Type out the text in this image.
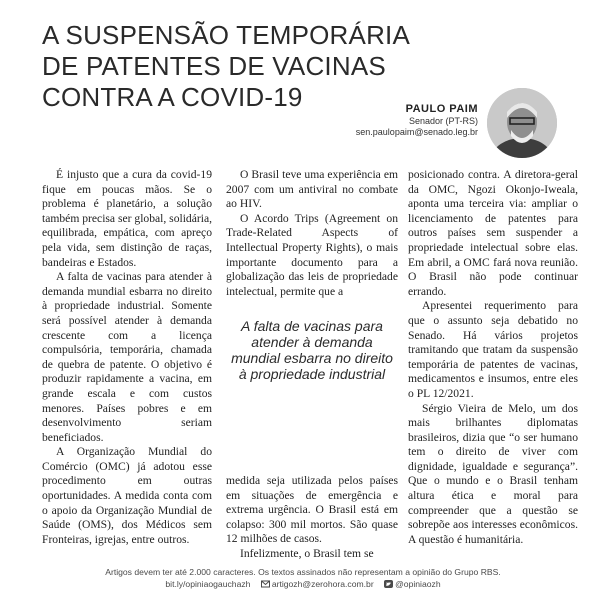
A SUSPENSÃO TEMPORÁRIA
DE PATENTES DE VACINAS
CONTRA A COVID-19	PAULO PAIM
Senador (PT-RS)
sen.paulopaim@senado.leg.br

É injusto que a cura da covid-19 fique em poucas mãos. Se o problema é planetário, a solução também precisa ser global, solidária, equilibrada, empática, com apreço pela vida, sem distinção de raças, bandeiras e Estados.

A falta de vacinas para atender à demanda mundial esbarra no direito à propriedade industrial. Somente será possível atender à demanda crescente com a licença compulsória, temporária, chamada de quebra de patente. O objetivo é produzir rapidamente a vacina, em grande escala e com custos menores. Países pobres e em desenvolvimento seriam beneficiados.

A Organização Mundial do Comércio (OMC) já adotou esse procedimento em outras oportunidades. A medida conta com o apoio da Organização Mundial de Saúde (OMS), dos Médicos sem Fronteiras, igrejas, entre outros.

O Brasil teve uma experiência em 2007 com um antiviral no combate ao HIV.

O Acordo Trips (Agreement on Trade-Related Aspects of Intellectual Property Rights), o mais importante documento para a globalização das leis de propriedade intelectual, permite que a

A falta de vacinas para atender à demanda mundial esbarra no direito à propriedade industrial

medida seja utilizada pelos países em situações de emergência e extrema urgência. O Brasil está em colapso: 300 mil mortos. São quase 12 milhões de casos.

Infelizmente, o Brasil tem se

posicionado contra. A diretora-geral da OMC, Ngozi Okonjo-Iweala, aponta uma terceira via: ampliar o licenciamento de patentes para outros países sem suspender a propriedade intelectual sobre elas. Em abril, a OMC fará nova reunião. O Brasil não pode continuar errando.

Apresentei requerimento para que o assunto seja debatido no Senado. Há vários projetos tramitando que tratam da suspensão temporária de patentes de vacinas, medicamentos e insumos, entre eles o PL 12/2021.

Sérgio Vieira de Melo, um dos mais brilhantes diplomatas brasileiros, dizia que “o ser humano tem o direito de viver com dignidade, igualdade e segurança”. Que o mundo e o Brasil tenham altura ética e moral para compreender que a questão se sobrepõe aos interesses econômicos. A questão é humanitária.

Artigos devem ter até 2.000 caracteres. Os textos assinados não representam a opinião do Grupo RBS.
bit.ly/opiniaogauchazh artigozh@zerohora.com.br @opiniaozh
